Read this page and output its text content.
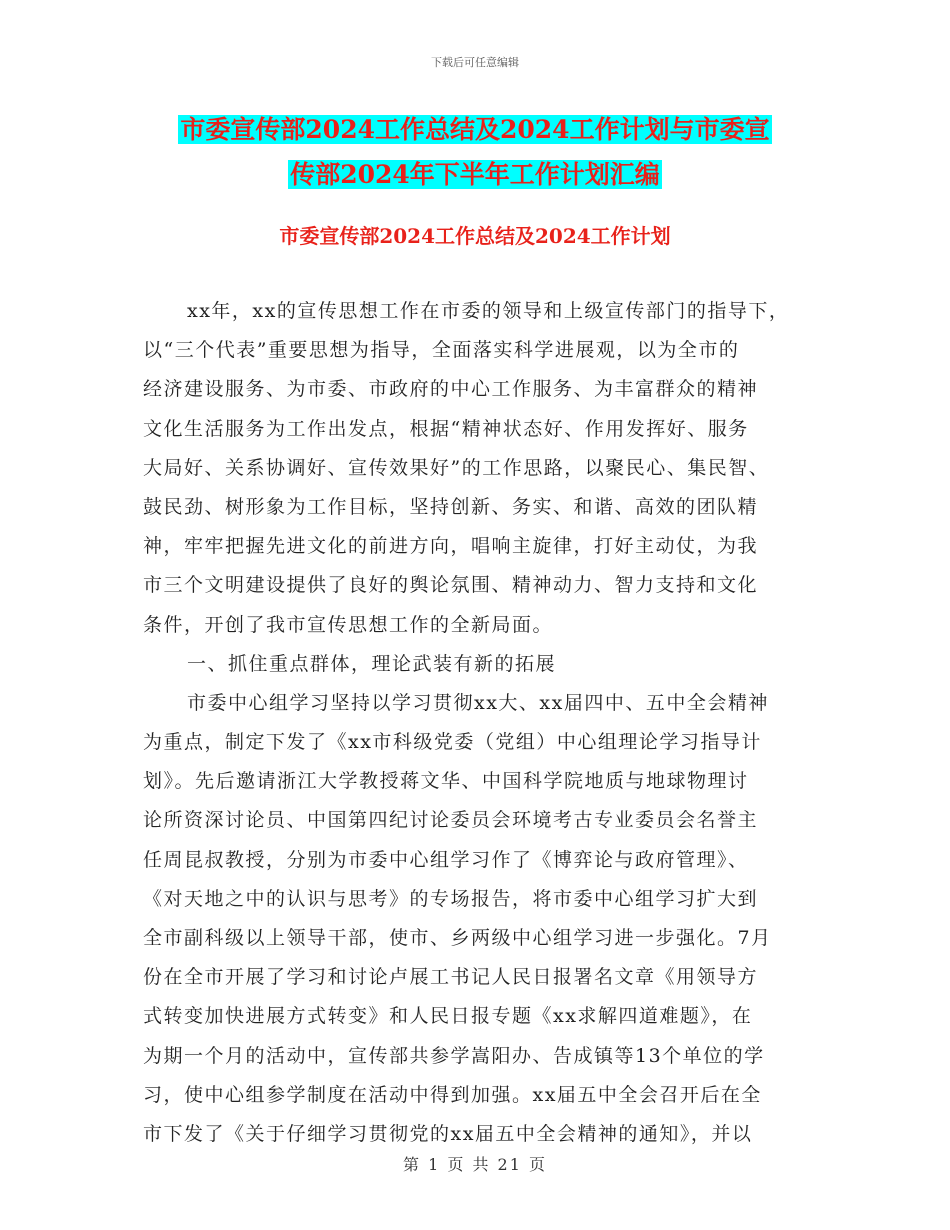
下载后可任意编辑
市委宣传部2024工作总结及2024工作计划与市委宣
传部2024年下半年工作计划汇编
市委宣传部2024工作总结及2024工作计划
xx年，xx的宣传思想工作在市委的领导和上级宣传部门的指导下，
以“三个代表”重要思想为指导，全面落实科学进展观，以为全市的
经济建设服务、为市委、市政府的中心工作服务、为丰富群众的精神
文化生活服务为工作出发点，根据“精神状态好、作用发挥好、服务
大局好、关系协调好、宣传效果好”的工作思路，以聚民心、集民智、
鼓民劲、树形象为工作目标，坚持创新、务实、和谐、高效的团队精
神，牢牢把握先进文化的前进方向，唱响主旋律，打好主动仗，为我
市三个文明建设提供了良好的舆论氛围、精神动力、智力支持和文化
条件，开创了我市宣传思想工作的全新局面。
一、抓住重点群体，理论武装有新的拓展
市委中心组学习坚持以学习贯彻xx大、xx届四中、五中全会精神
为重点，制定下发了《xx市科级党委（党组）中心组理论学习指导计
划》。先后邀请浙江大学教授蒋文华、中国科学院地质与地球物理讨
论所资深讨论员、中国第四纪讨论委员会环境考古专业委员会名誉主
任周昆叔教授，分别为市委中心组学习作了《博弈论与政府管理》、
《对天地之中的认识与思考》的专场报告，将市委中心组学习扩大到
全市副科级以上领导干部，使市、乡两级中心组学习进一步强化。7月
份在全市开展了学习和讨论卢展工书记人民日报署名文章《用领导方
式转变加快进展方式转变》和人民日报专题《xx求解四道难题》，在
为期一个月的活动中，宣传部共参学嵩阳办、告成镇等13个单位的学
习，使中心组参学制度在活动中得到加强。xx届五中全会召开后在全
市下发了《关于仔细学习贯彻党的xx届五中全会精神的通知》，并以
第 1 页 共 21 页
